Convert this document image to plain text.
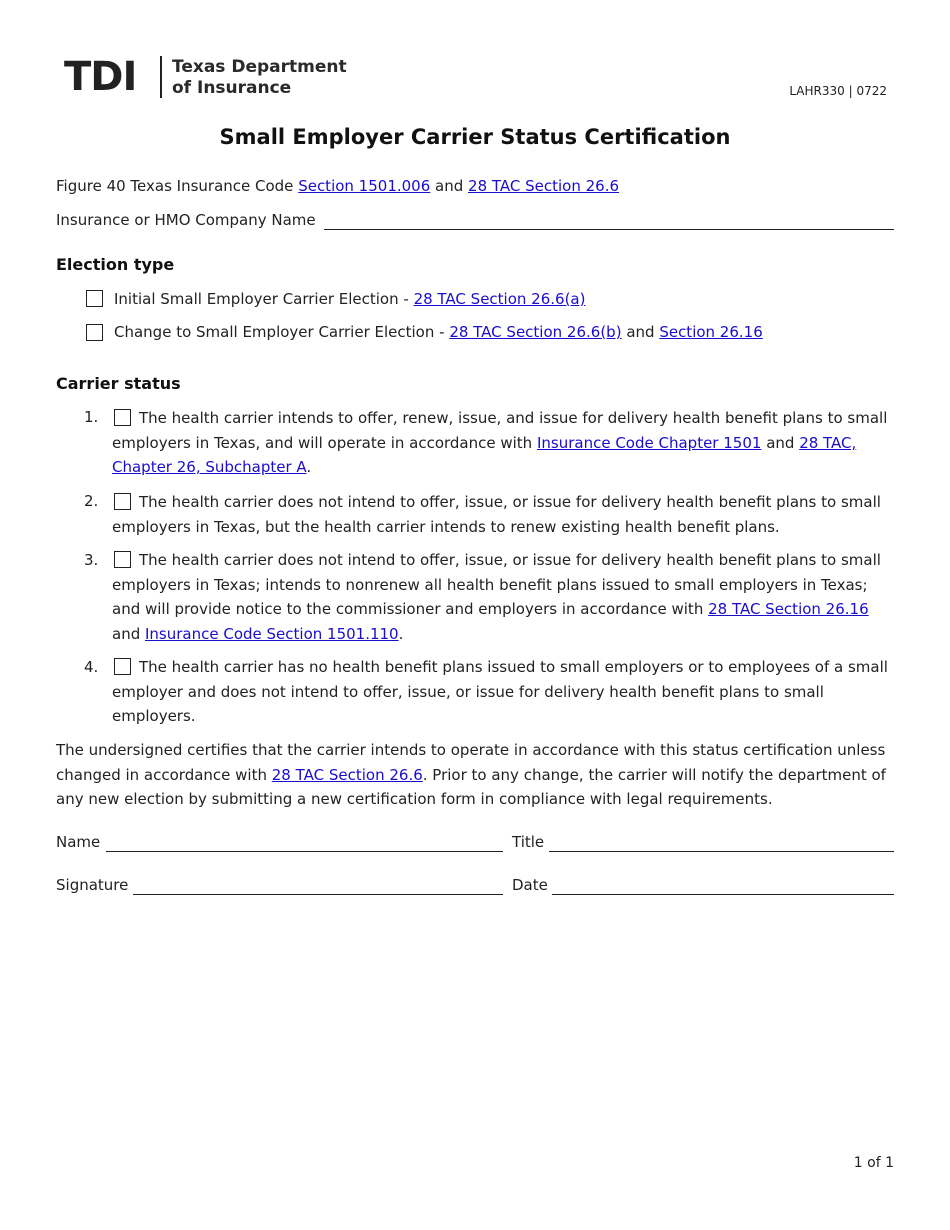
TDI Texas Department
of Insurance	LAHR330 | 0722
Small Employer Carrier Status Certification
Figure 40 Texas Insurance Code Section 1501.006 and 28 TAC Section 26.6
Insurance or HMO Company Name
Election type
Initial Small Employer Carrier Election - 28 TAC Section 26.6(a)
Change to Small Employer Carrier Election - 28 TAC Section 26.6(b) and Section 26.16
Carrier status
1.	The health carrier intends to offer, renew, issue, and issue for delivery health benefit plans to small
employers in Texas, and will operate in accordance with Insurance Code Chapter 1501 and 28 TAC,
Chapter 26, Subchapter A.
2.	The health carrier does not intend to offer, issue, or issue for delivery health benefit plans to small
employers in Texas, but the health carrier intends to renew existing health benefit plans.
3.	The health carrier does not intend to offer, issue, or issue for delivery health benefit plans to small
employers in Texas; intends to nonrenew all health benefit plans issued to small employers in Texas;
and will provide notice to the commissioner and employers in accordance with 28 TAC Section 26.16
and Insurance Code Section 1501.110.
4.	The health carrier has no health benefit plans issued to small employers or to employees of a small
employer and does not intend to offer, issue, or issue for delivery health benefit plans to small
employers.
The undersigned certifies that the carrier intends to operate in accordance with this status certification unless
changed in accordance with 28 TAC Section 26.6. Prior to any change, the carrier will notify the department of
any new election by submitting a new certification form in compliance with legal requirements.
Name	Title
Signature	Date
1 of 1
